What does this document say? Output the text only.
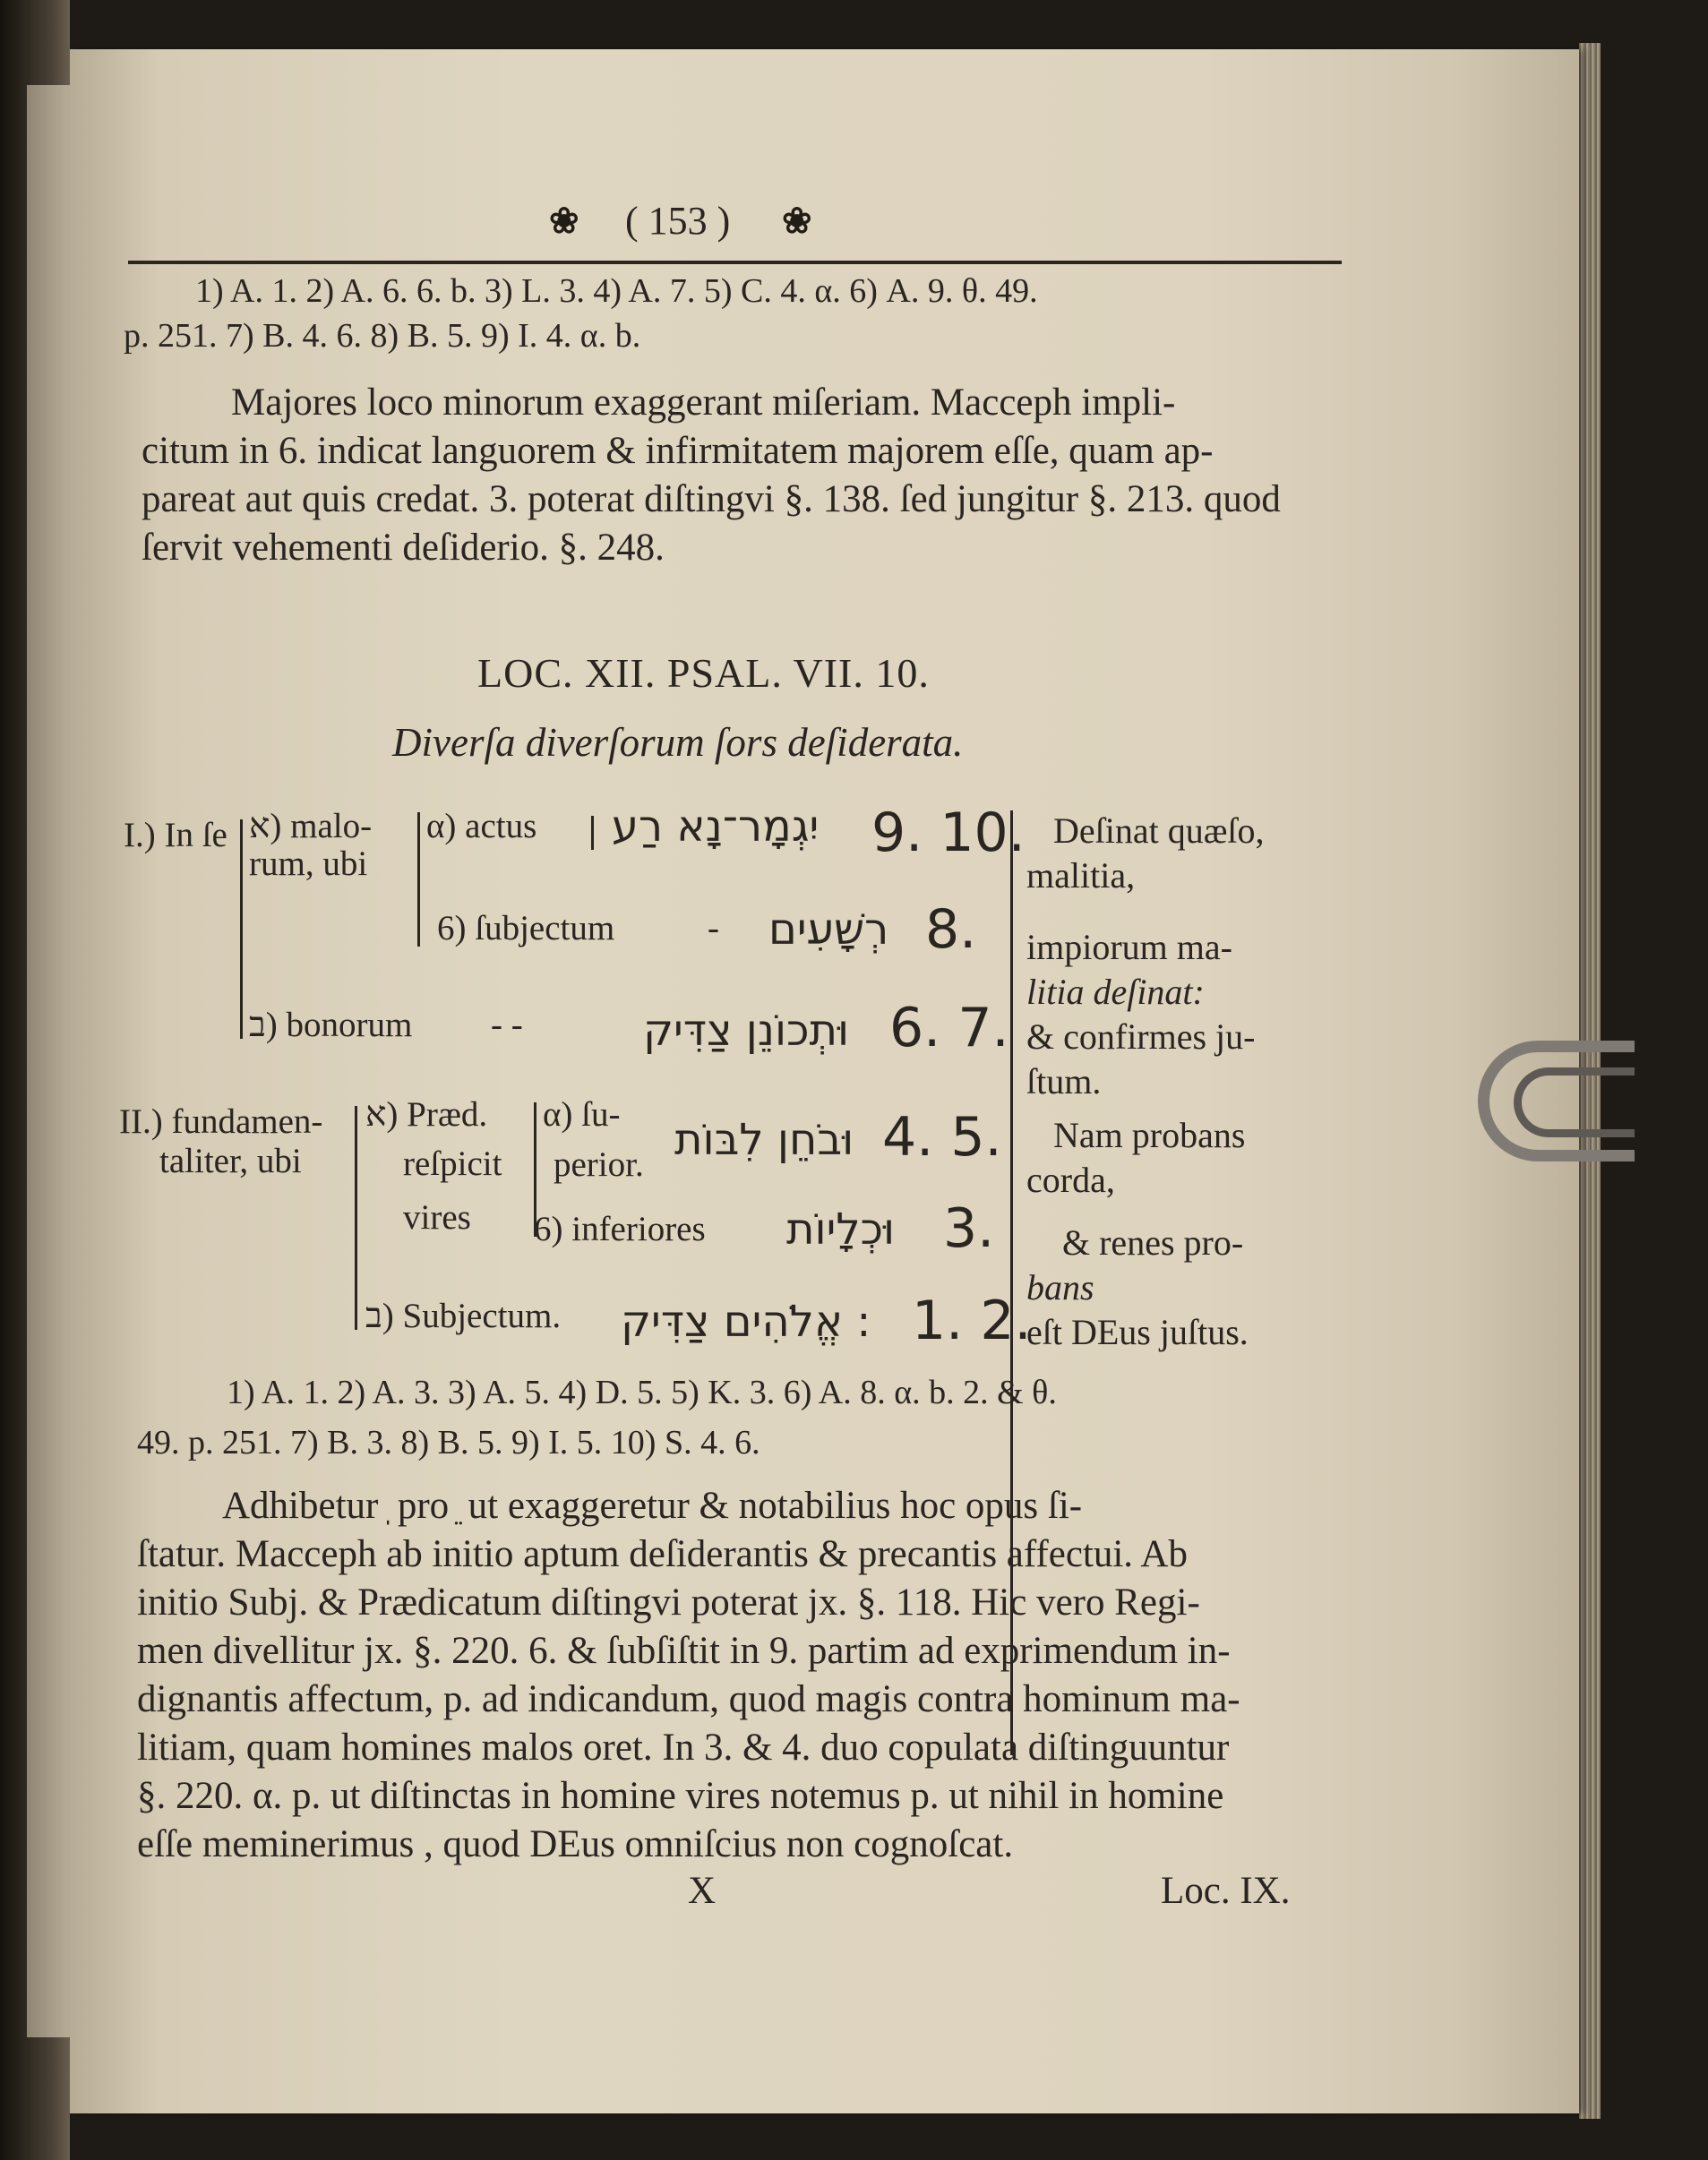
❀ ( 153 ) ❀
1) A. 1. 2) A. 6. 6. b. 3) L. 3. 4) A. 7. 5) C. 4. α. 6) A. 9. θ. 49.
p. 251. 7) B. 4. 6. 8) B. 5. 9) I. 4. α. b.

Majores loco minorum exaggerant miſeriam. Macceph impli-

citum in 6. indicat languorem & infirmitatem majorem eſſe, quam ap-

pareat aut quis credat. 3. poterat diſtingvi §. 138. ſed jungitur §. 213. quod

ſervit vehementi deſiderio. §. 248.

LOC. XII. PSAL. VII. 10.
Diverſa diverſorum ſors deſiderata.
I.) In ſe א) malo-
rum, ubi
α) actus יִגְמָר־נָא רַע 9. 10.
6) ſubjectum	- רְשָׁעִים 8.
ב) bonorum - -	וּתְכוֹנֵן צַדִּיק 6. 7.
II.) fundamen-
taliter, ubi
א) Præd.
reſpicit
vires
α) ſu-
perior. וּבֹחֵן לִבּוֹת 4. 5.
6) inferiores וּכְלָיוֹת 3.
ב) Subjectum. אֱלֹהִים צַדִּיק : 1. 2.
Deſinat quæſo,
malitia,
impiorum ma-
litia deſinat:
& confirmes ju-
ſtum.
Nam probans
corda,
& renes pro-
bans
eſt DEus juſtus.
1) A. 1. 2) A. 3. 3) A. 5. 4) D. 5. 5) K. 3. 6) A. 8. α. b. 2. & θ.
49. p. 251. 7) B. 3. 8) B. 5. 9) I. 5. 10) S. 4. 6.

Adhibetur ֽ pro ֵ ut exaggeretur & notabilius hoc opus ſi-

ſtatur. Macceph ab initio aptum deſiderantis & precantis affectui. Ab

initio Subj. & Prædicatum diſtingvi poterat jx. §. 118. Hic vero Regi-

men divellitur jx. §. 220. 6. & ſubſiſtit in 9. partim ad exprimendum in-

dignantis affectum, p. ad indicandum, quod magis contra hominum ma-

litiam, quam homines malos oret. In 3. & 4. duo copulata diſtinguuntur

§. 220. α. p. ut diſtinctas in homine vires notemus p. ut nihil in homine

eſſe meminerimus , quod DEus omniſcius non cognoſcat.

X	Loc. IX.
